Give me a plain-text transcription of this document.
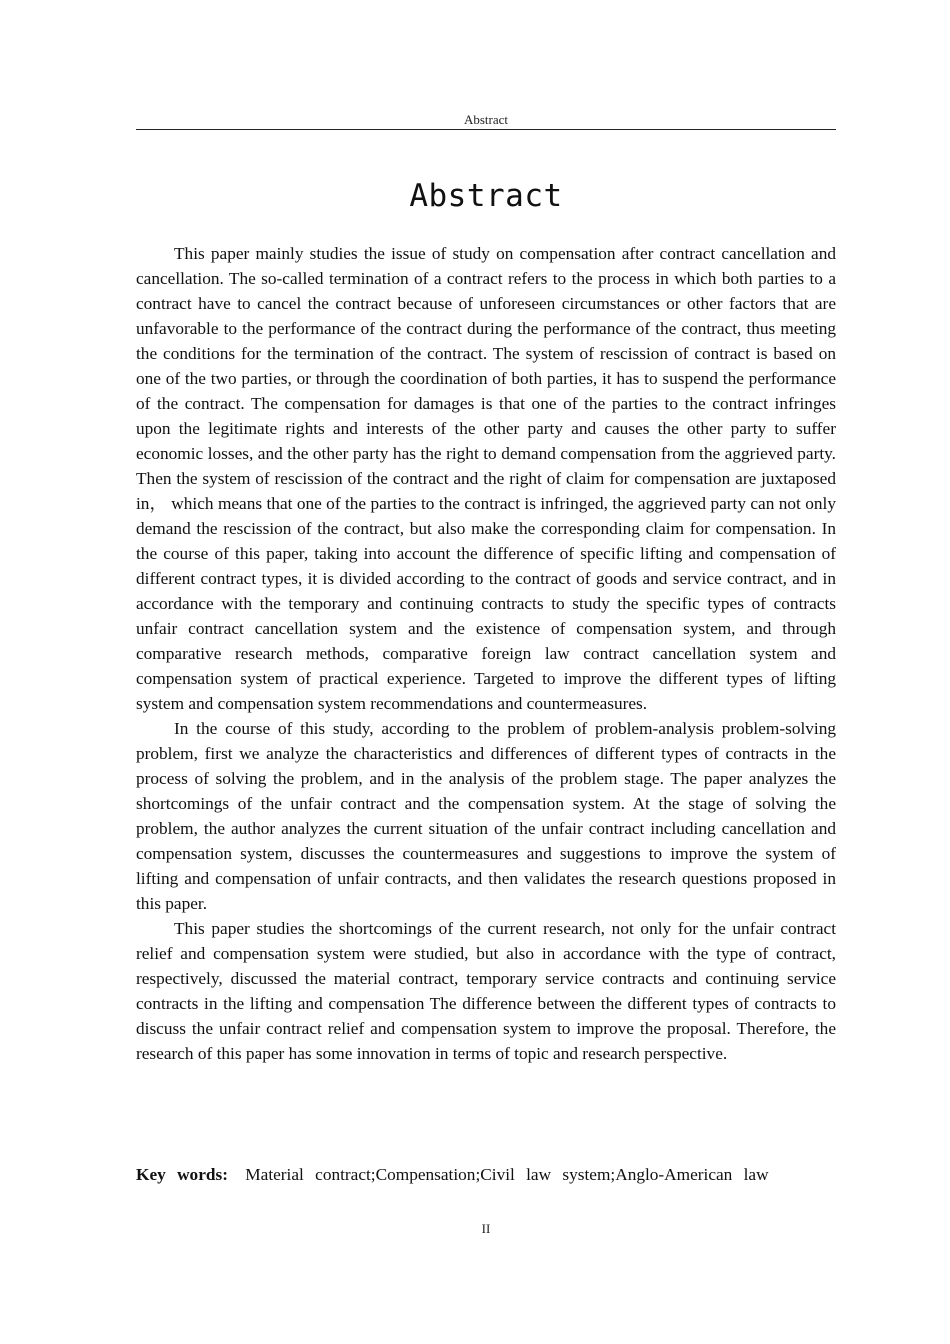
Abstract
Abstract

This paper mainly studies the issue of study on compensation after contract cancellation and cancellation. The so-called termination of a contract refers to the process in which both parties to a contract have to cancel the contract because of unforeseen circumstances or other factors that are unfavorable to the performance of the contract during the performance of the contract, thus meeting the conditions for the termination of the contract. The system of rescission of contract is based on one of the two parties, or through the coordination of both parties, it has to suspend the performance of the contract. The compensation for damages is that one of the parties to the contract infringes upon the legitimate rights and interests of the other party and causes the other party to suffer economic losses, and the other party has the right to demand compensation from the aggrieved party. Then the system of rescission of the contract and the right of claim for compensation are juxtaposed in， which means that one of the parties to the contract is infringed, the aggrieved party can not only demand the rescission of the contract, but also make the corresponding claim for compensation. In the course of this paper, taking into account the difference of specific lifting and compensation of different contract types, it is divided according to the contract of goods and service contract, and in accordance with the temporary and continuing contracts to study the specific types of contracts unfair contract cancellation system and the existence of compensation system, and through comparative research methods, comparative foreign law contract cancellation system and compensation system of practical experience. Targeted to improve the different types of lifting system and compensation system recommendations and countermeasures.

In the course of this study, according to the problem of problem-analysis problem-solving problem, first we analyze the characteristics and differences of different types of contracts in the process of solving the problem, and in the analysis of the problem stage. The paper analyzes the shortcomings of the unfair contract and the compensation system. At the stage of solving the problem, the author analyzes the current situation of the unfair contract including cancellation and compensation system, discusses the countermeasures and suggestions to improve the system of lifting and compensation of unfair contracts, and then validates the research questions proposed in this paper.

This paper studies the shortcomings of the current research, not only for the unfair contract relief and compensation system were studied, but also in accordance with the type of contract, respectively, discussed the material contract, temporary service contracts and continuing service contracts in the lifting and compensation The difference between the different types of contracts to discuss the unfair contract relief and compensation system to improve the proposal. Therefore, the research of this paper has some innovation in terms of topic and research perspective.

Key words: Material contract;Compensation;Civil law system;Anglo-American law
II
